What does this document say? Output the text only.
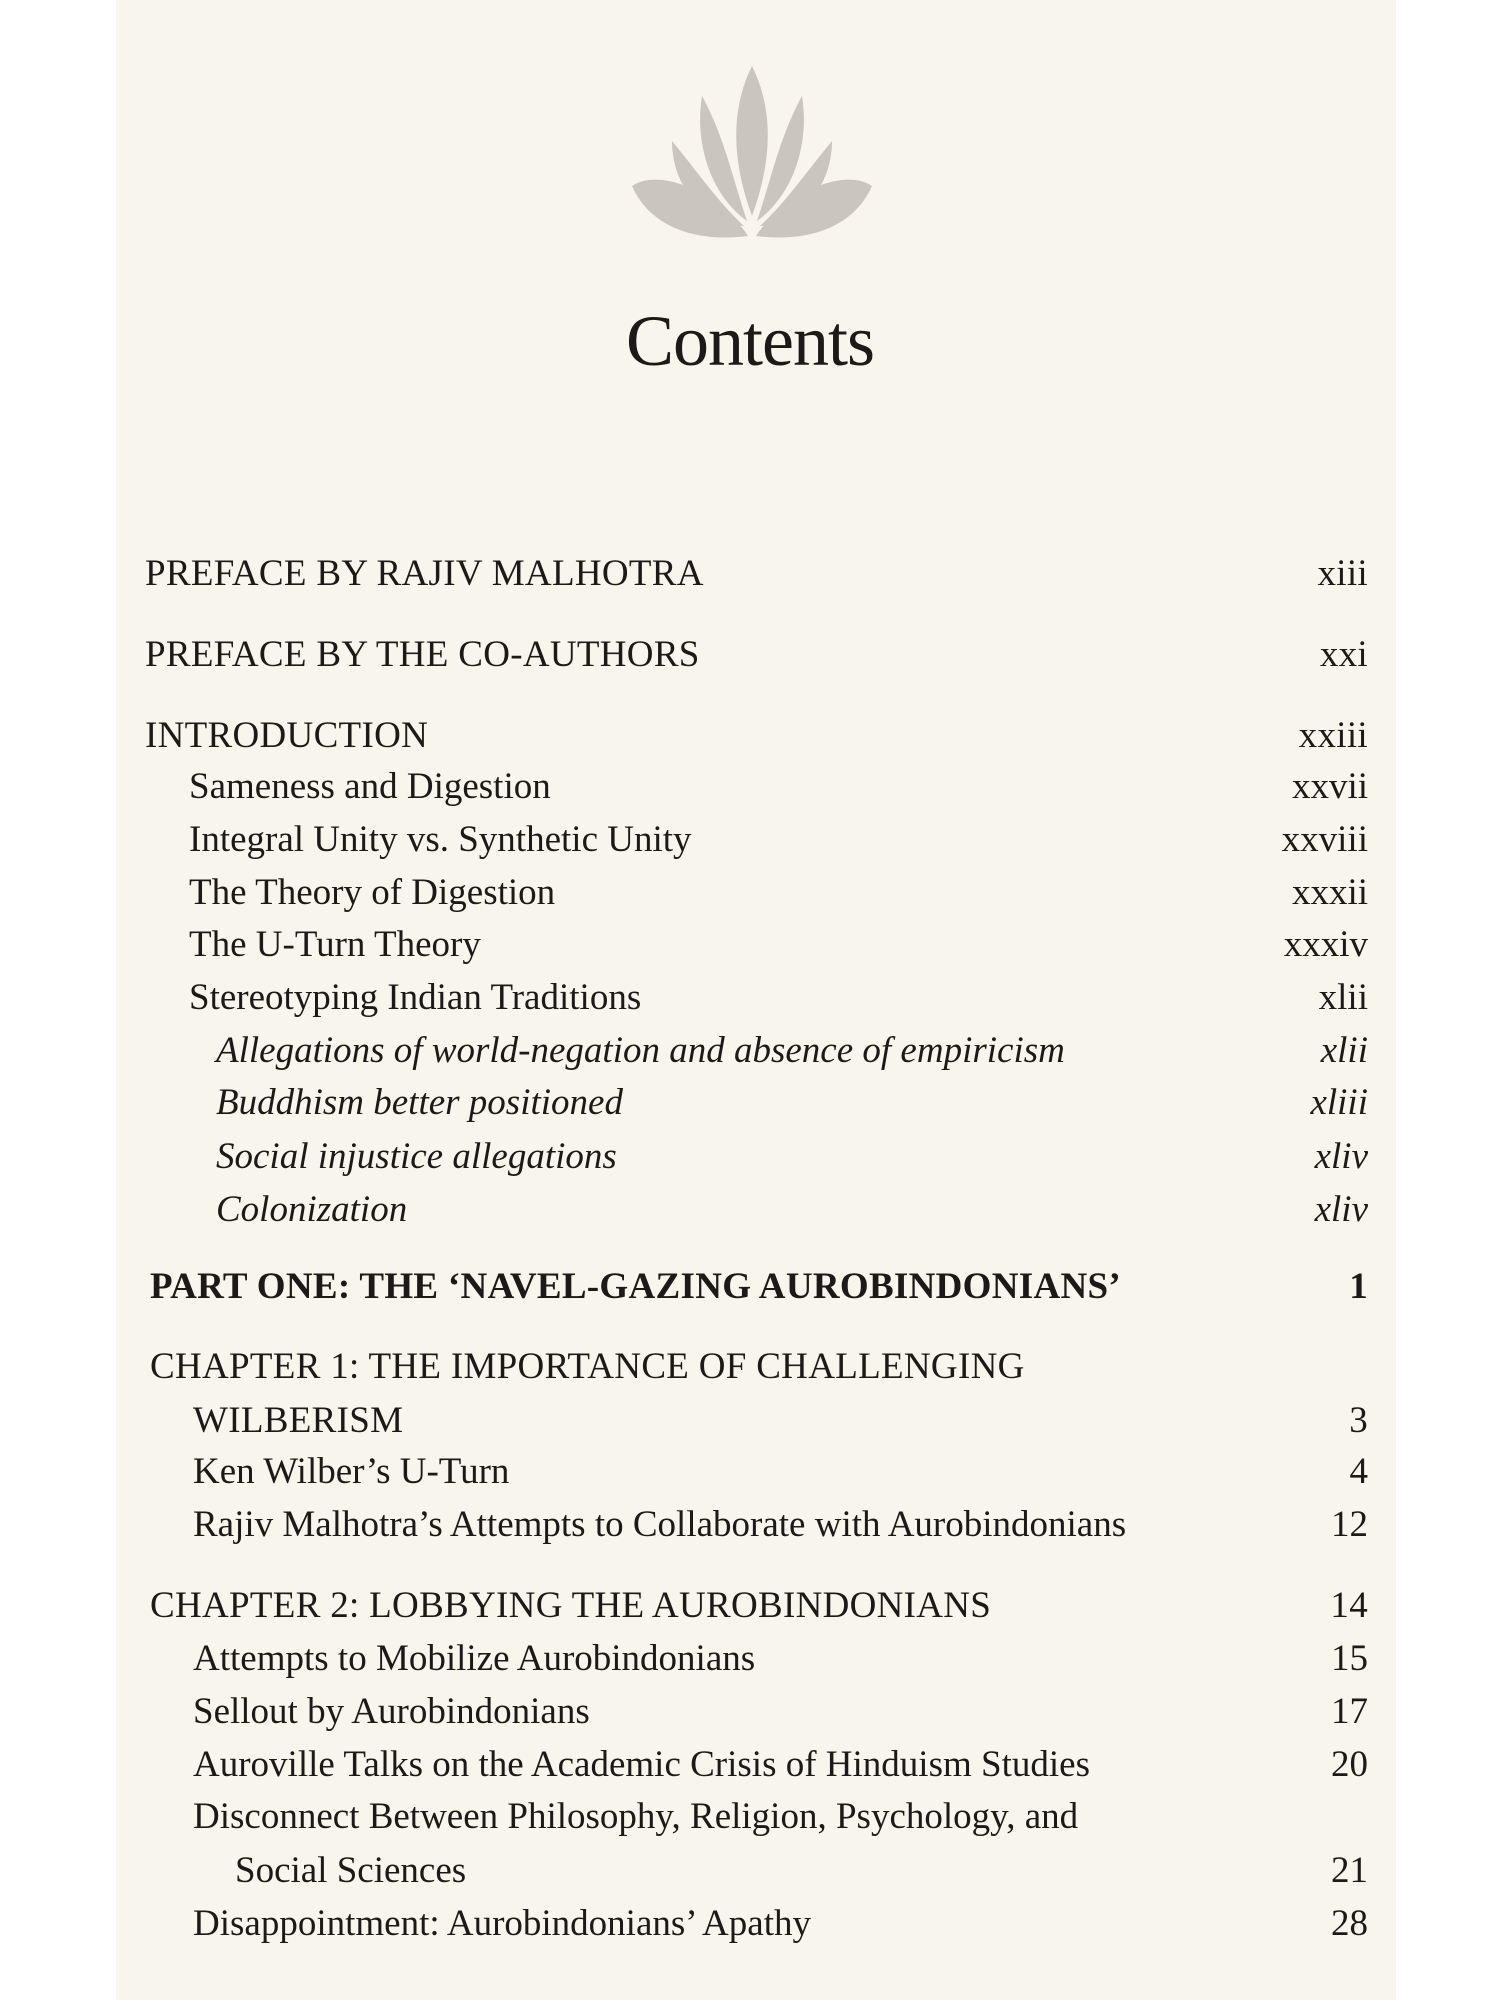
Contents
PREFACE BY RAJIV MALHOTRA	xiii
PREFACE BY THE CO-AUTHORS	xxi
INTRODUCTION	xxiii
Sameness and Digestion	xxvii
Integral Unity vs. Synthetic Unity	xxviii
The Theory of Digestion	xxxii
The U-Turn Theory	xxxiv
Stereotyping Indian Traditions	xlii
Allegations of world-negation and absence of empiricism	xlii
Buddhism better positioned	xliii
Social injustice allegations	xliv
Colonization	xliv
PART ONE: THE ‘NAVEL-GAZING AUROBINDONIANS’	1
CHAPTER 1: THE IMPORTANCE OF CHALLENGING
WILBERISM	3
Ken Wilber’s U-Turn	4
Rajiv Malhotra’s Attempts to Collaborate with Aurobindonians	12
CHAPTER 2: LOBBYING THE AUROBINDONIANS	14
Attempts to Mobilize Aurobindonians	15
Sellout by Aurobindonians	17
Auroville Talks on the Academic Crisis of Hinduism Studies	20
Disconnect Between Philosophy, Religion, Psychology, and
Social Sciences	21
Disappointment: Aurobindonians’ Apathy	28
